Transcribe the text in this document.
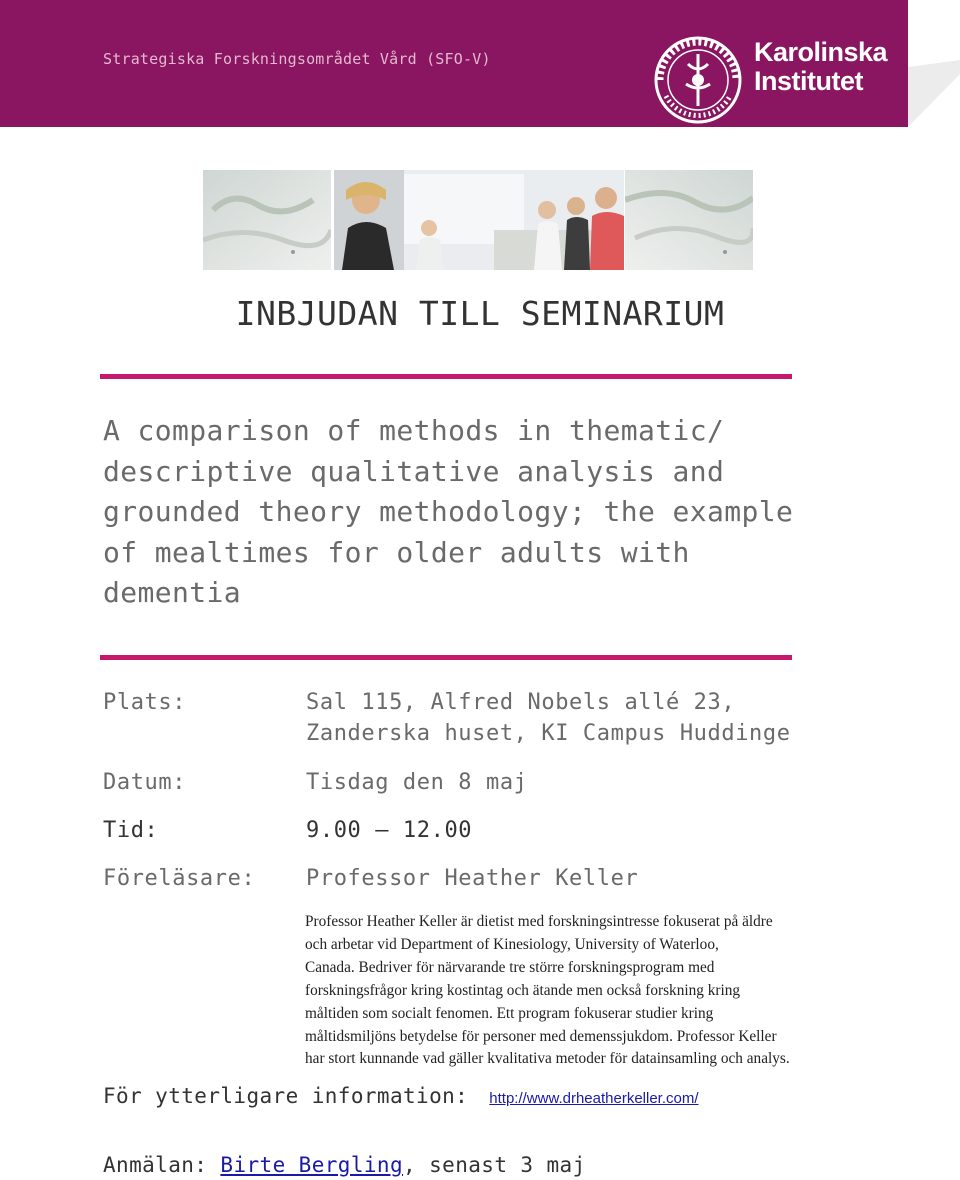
Strategiska Forskningsområdet Vård (SFO-V)	Karolinska
Institutet
INBJUDAN TILL SEMINARIUM
A comparison of methods in thematic/
descriptive qualitative analysis and
grounded theory methodology; the example
of mealtimes for older adults with
dementia
Plats:	Sal 115, Alfred Nobels allé 23,
Zanderska huset, KI Campus Huddinge
Datum:	Tisdag den 8 maj
Tid:	9.00 – 12.00
Föreläsare: Professor Heather Keller
Professor Heather Keller är dietist med forskningsintresse fokuserat på äldre
och arbetar vid Department of Kinesiology, University of Waterloo,
Canada. Bedriver för närvarande tre större forskningsprogram med
forskningsfrågor kring kostintag och ätande men också forskning kring
måltiden som socialt fenomen. Ett program fokuserar studier kring
måltidsmiljöns betydelse för personer med demenssjukdom. Professor Keller
har stort kunnande vad gäller kvalitativa metoder för datainsamling och analys.
För ytterligare information: http://www.drheatherkeller.com/
Anmälan: Birte Bergling, senast 3 maj
